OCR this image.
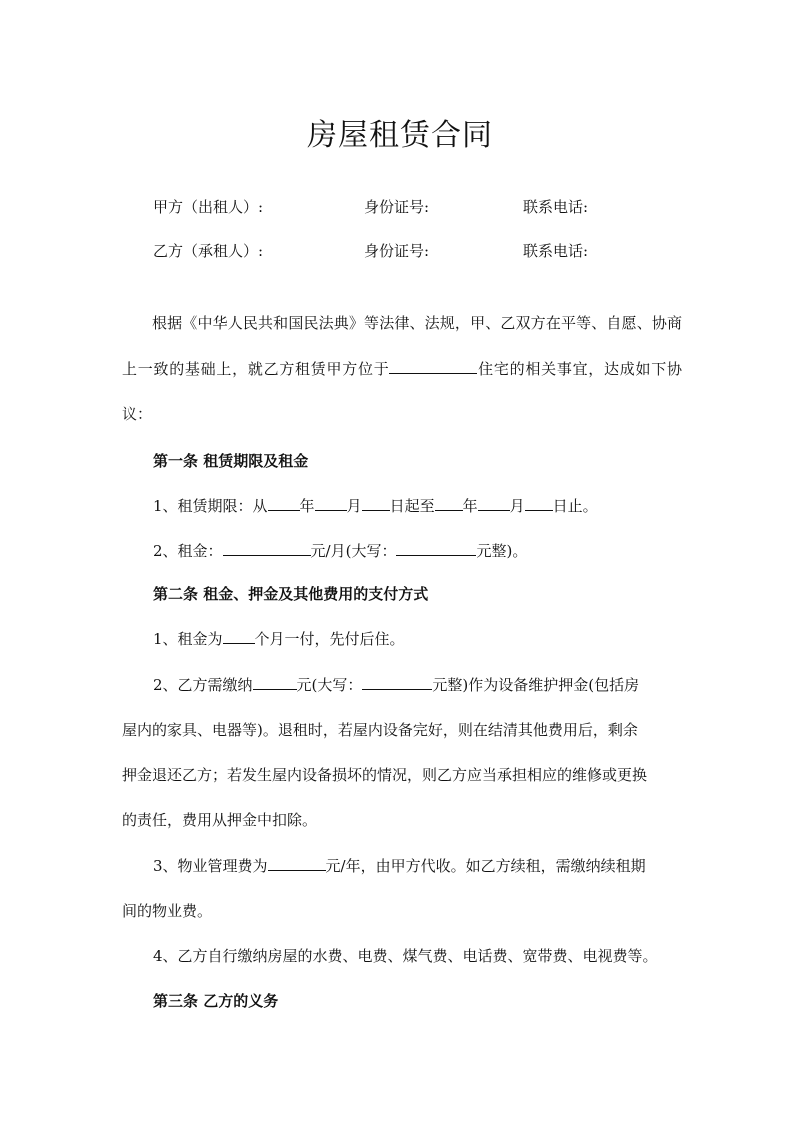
房屋租赁合同
甲方（出租人）:	身份证号:	联系电话:
乙方（承租人）:	身份证号:	联系电话:

根据《中华人民共和国民法典》等法律、法规，甲、乙双方在平等、自愿、协商上一致的基础上，就乙方租赁甲方位于	住宅的相关事宜，达成如下协议：

第一条 租赁期限及租金
1、租赁期限：从 年 月 日起至 年 月 日止。
2、租金：	元/月(大写：	元整)。
第二条 租金、押金及其他费用的支付方式
1、租金为 个月一付，先付后住。
2、乙方需缴纳	元(大写：	元整)作为设备维护押金(包括房
屋内的家具、电器等)。退租时，若屋内设备完好，则在结清其他费用后，剩余
押金退还乙方；若发生屋内设备损坏的情况，则乙方应当承担相应的维修或更换
的责任，费用从押金中扣除。
3、物业管理费为	元/年，由甲方代收。如乙方续租，需缴纳续租期
间的物业费。
4、乙方自行缴纳房屋的水费、电费、煤气费、电话费、宽带费、电视费等。
第三条 乙方的义务
